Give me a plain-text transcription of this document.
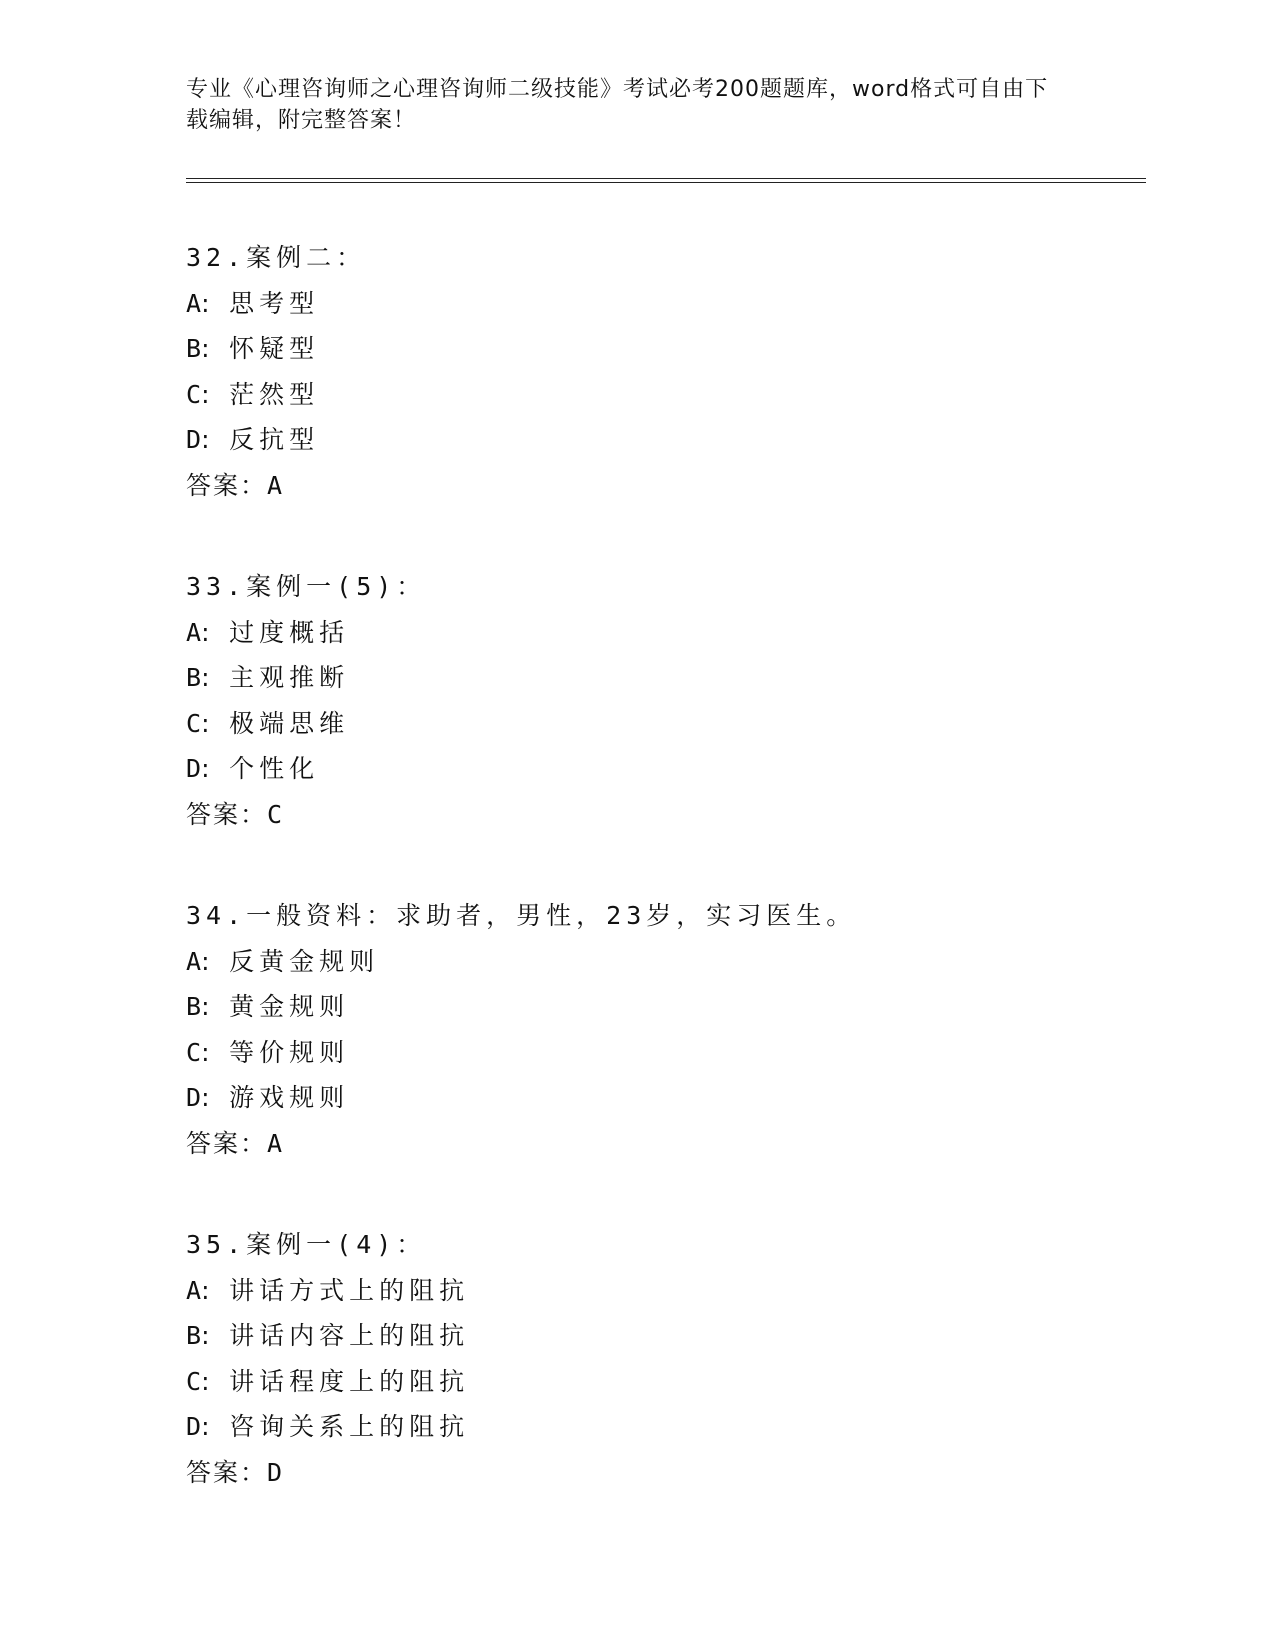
专业《心理咨询师之心理咨询师二级技能》考试必考200题题库，word格式可自由下载编辑，附完整答案！
32.案例二：
A: 思考型
B: 怀疑型
C: 茫然型
D: 反抗型
答案：A
33.案例一(5)：
A: 过度概括
B: 主观推断
C: 极端思维
D: 个性化
答案：C
34.一般资料：求助者，男性，23岁，实习医生。
A: 反黄金规则
B: 黄金规则
C: 等价规则
D: 游戏规则
答案：A
35.案例一(4)：
A: 讲话方式上的阻抗
B: 讲话内容上的阻抗
C: 讲话程度上的阻抗
D: 咨询关系上的阻抗
答案：D
